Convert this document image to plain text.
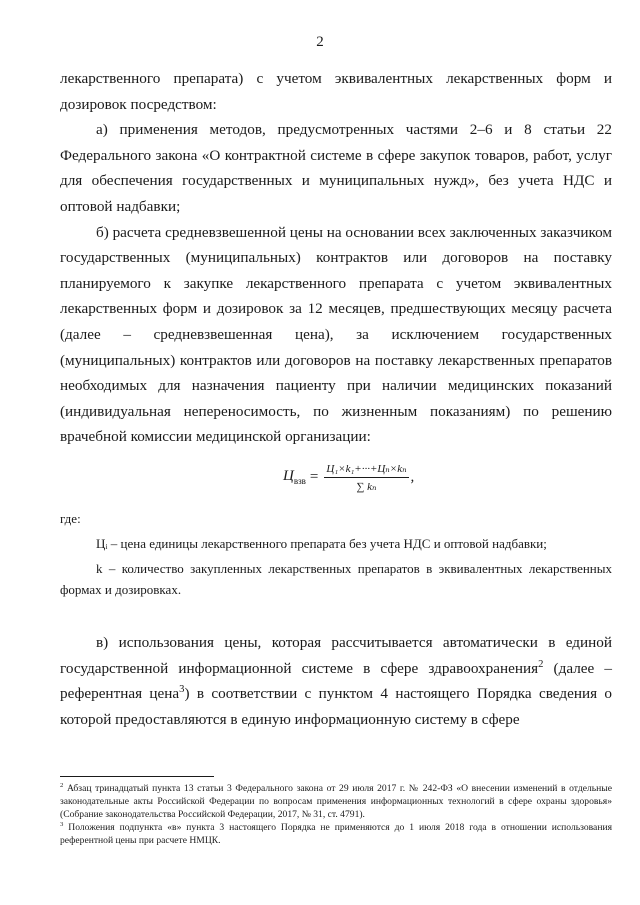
2

лекарственного препарата) с учетом эквивалентных лекарственных форм и дозировок посредством:

а) применения методов, предусмотренных частями 2–6 и 8 статьи 22 Федерального закона «О контрактной системе в сфере закупок товаров, работ, услуг для обеспечения государственных и муниципальных нужд», без учета НДС и оптовой надбавки;

б) расчета средневзвешенной цены на основании всех заключенных заказчиком государственных (муниципальных) контрактов или договоров на поставку планируемого к закупке лекарственного препарата с учетом эквивалентных лекарственных форм и дозировок за 12 месяцев, предшествующих месяцу расчета (далее – средневзвешенная цена), за исключением государственных (муниципальных) контрактов или договоров на поставку лекарственных препаратов необходимых для назначения пациенту при наличии медицинских показаний (индивидуальная непереносимость, по жизненным показаниям) по решению врачебной комиссии медицинской организации:

$Ц_{взв} = \frac{\text{Ц₁×k₁+···+Цₙ×kₙ}}{\text{∑ kₙ}}$ ,

где:

Цᵢ – цена единицы лекарственного препарата без учета НДС и оптовой надбавки;

k – количество закупленных лекарственных препаратов в эквивалентных лекарственных формах и дозировках.

в) использования цены, которая рассчитывается автоматически в единой государственной информационной системе в сфере здравоохранения$^2$ (далее – референтная цена$^3$) в соответствии с пунктом 4 настоящего Порядка сведения о которой предоставляются в единую информационную систему в сфере

$^2$ Абзац тринадцатый пункта 13 статьи 3 Федерального закона от 29 июля 2017 г. № 242-ФЗ «О внесении изменений в отдельные законодательные акты Российской Федерации по вопросам применения информационных технологий в сфере охраны здоровья» (Собрание законодательства Российской Федерации, 2017, № 31, ст. 4791).

$^3$ Положения подпункта «в» пункта 3 настоящего Порядка не применяются до 1 июля 2018 года в отношении использования референтной цены при расчете НМЦК.
